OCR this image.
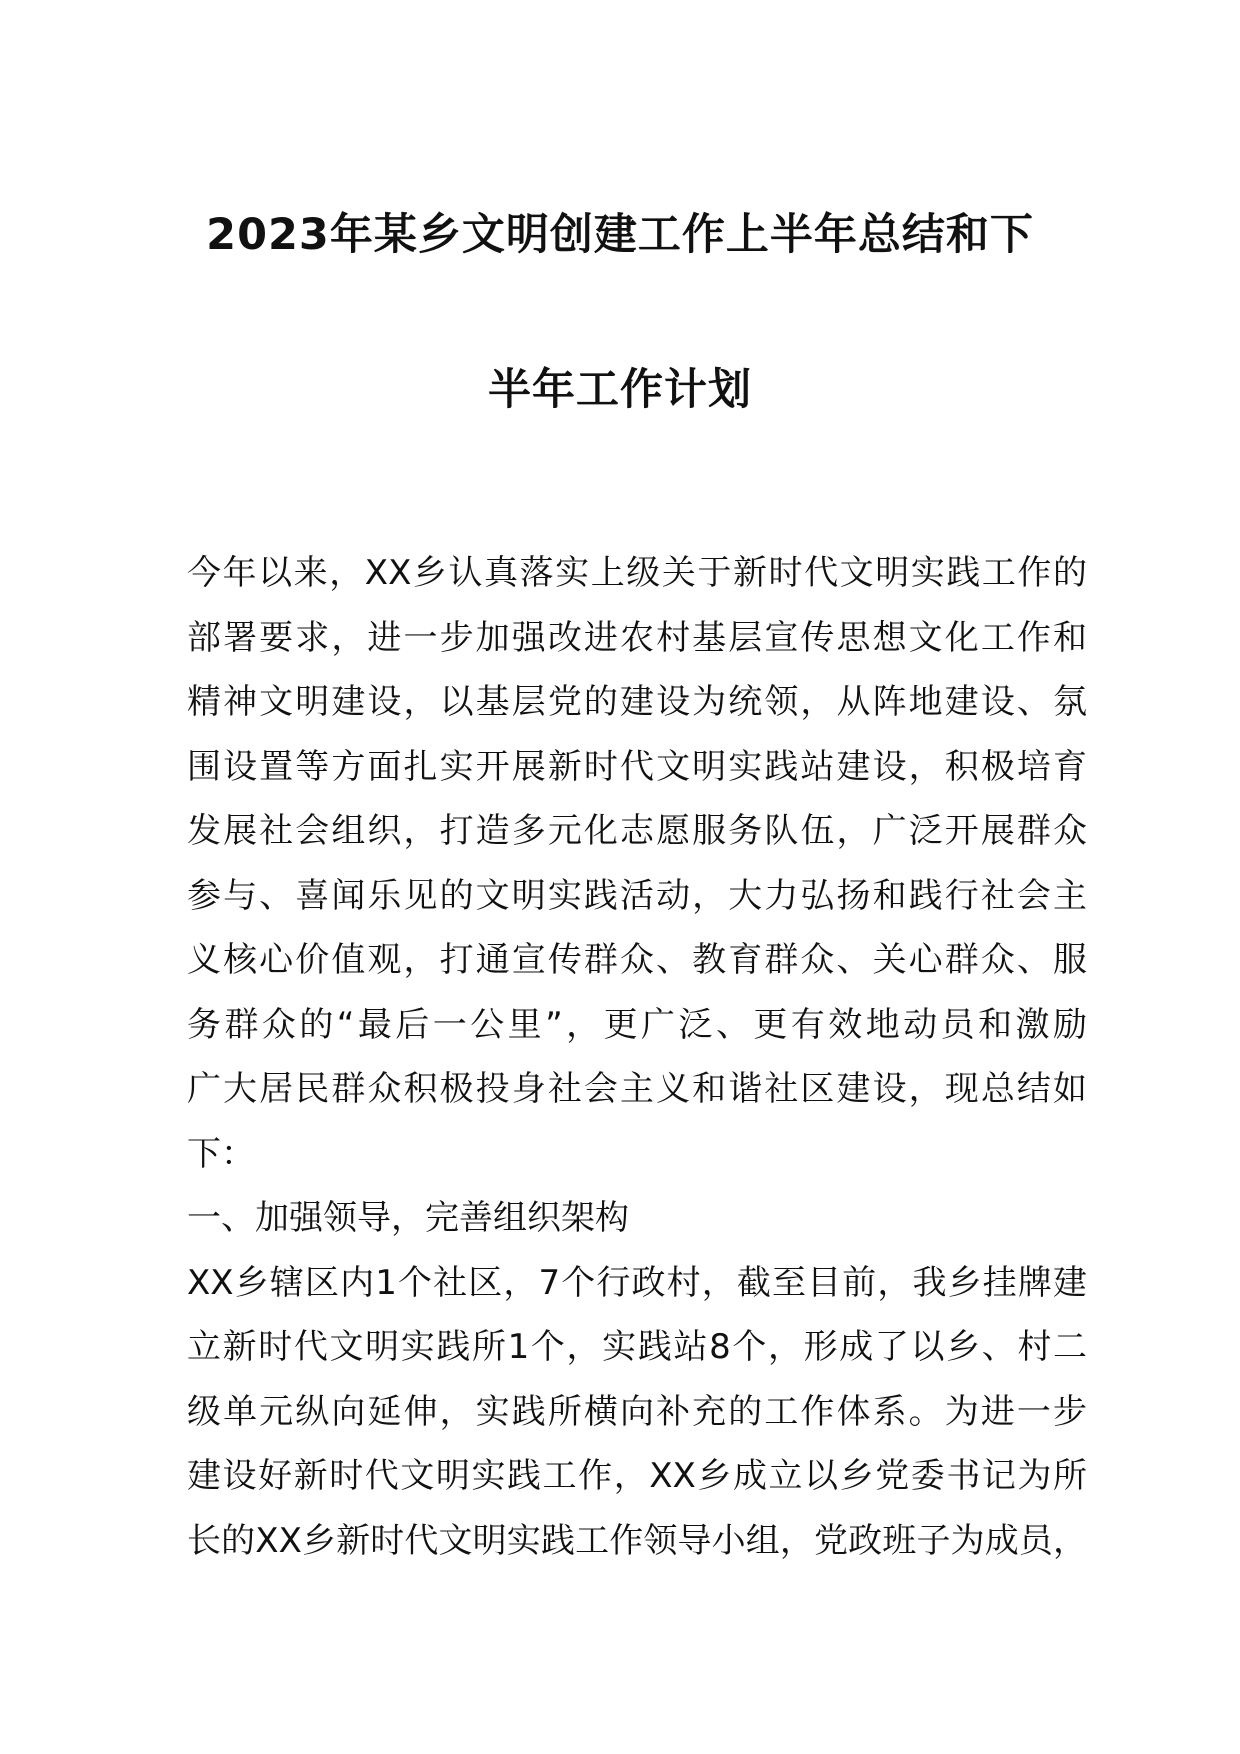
2023年某乡文明创建工作上半年总结和下
半年工作计划
今年以来，XX乡认真落实上级关于新时代文明实践工作的
部署要求，进一步加强改进农村基层宣传思想文化工作和
精神文明建设，以基层党的建设为统领，从阵地建设、氛
围设置等方面扎实开展新时代文明实践站建设，积极培育
发展社会组织，打造多元化志愿服务队伍，广泛开展群众
参与、喜闻乐见的文明实践活动，大力弘扬和践行社会主
义核心价值观，打通宣传群众、教育群众、关心群众、服
务群众的“最后一公里”，更广泛、更有效地动员和激励
广大居民群众积极投身社会主义和谐社区建设，现总结如
下：
一、加强领导，完善组织架构
XX乡辖区内1个社区，7个行政村，截至目前，我乡挂牌建
立新时代文明实践所1个，实践站8个，形成了以乡、村二
级单元纵向延伸，实践所横向补充的工作体系。为进一步
建设好新时代文明实践工作，XX乡成立以乡党委书记为所
长的XX乡新时代文明实践工作领导小组，党政班子为成员，
